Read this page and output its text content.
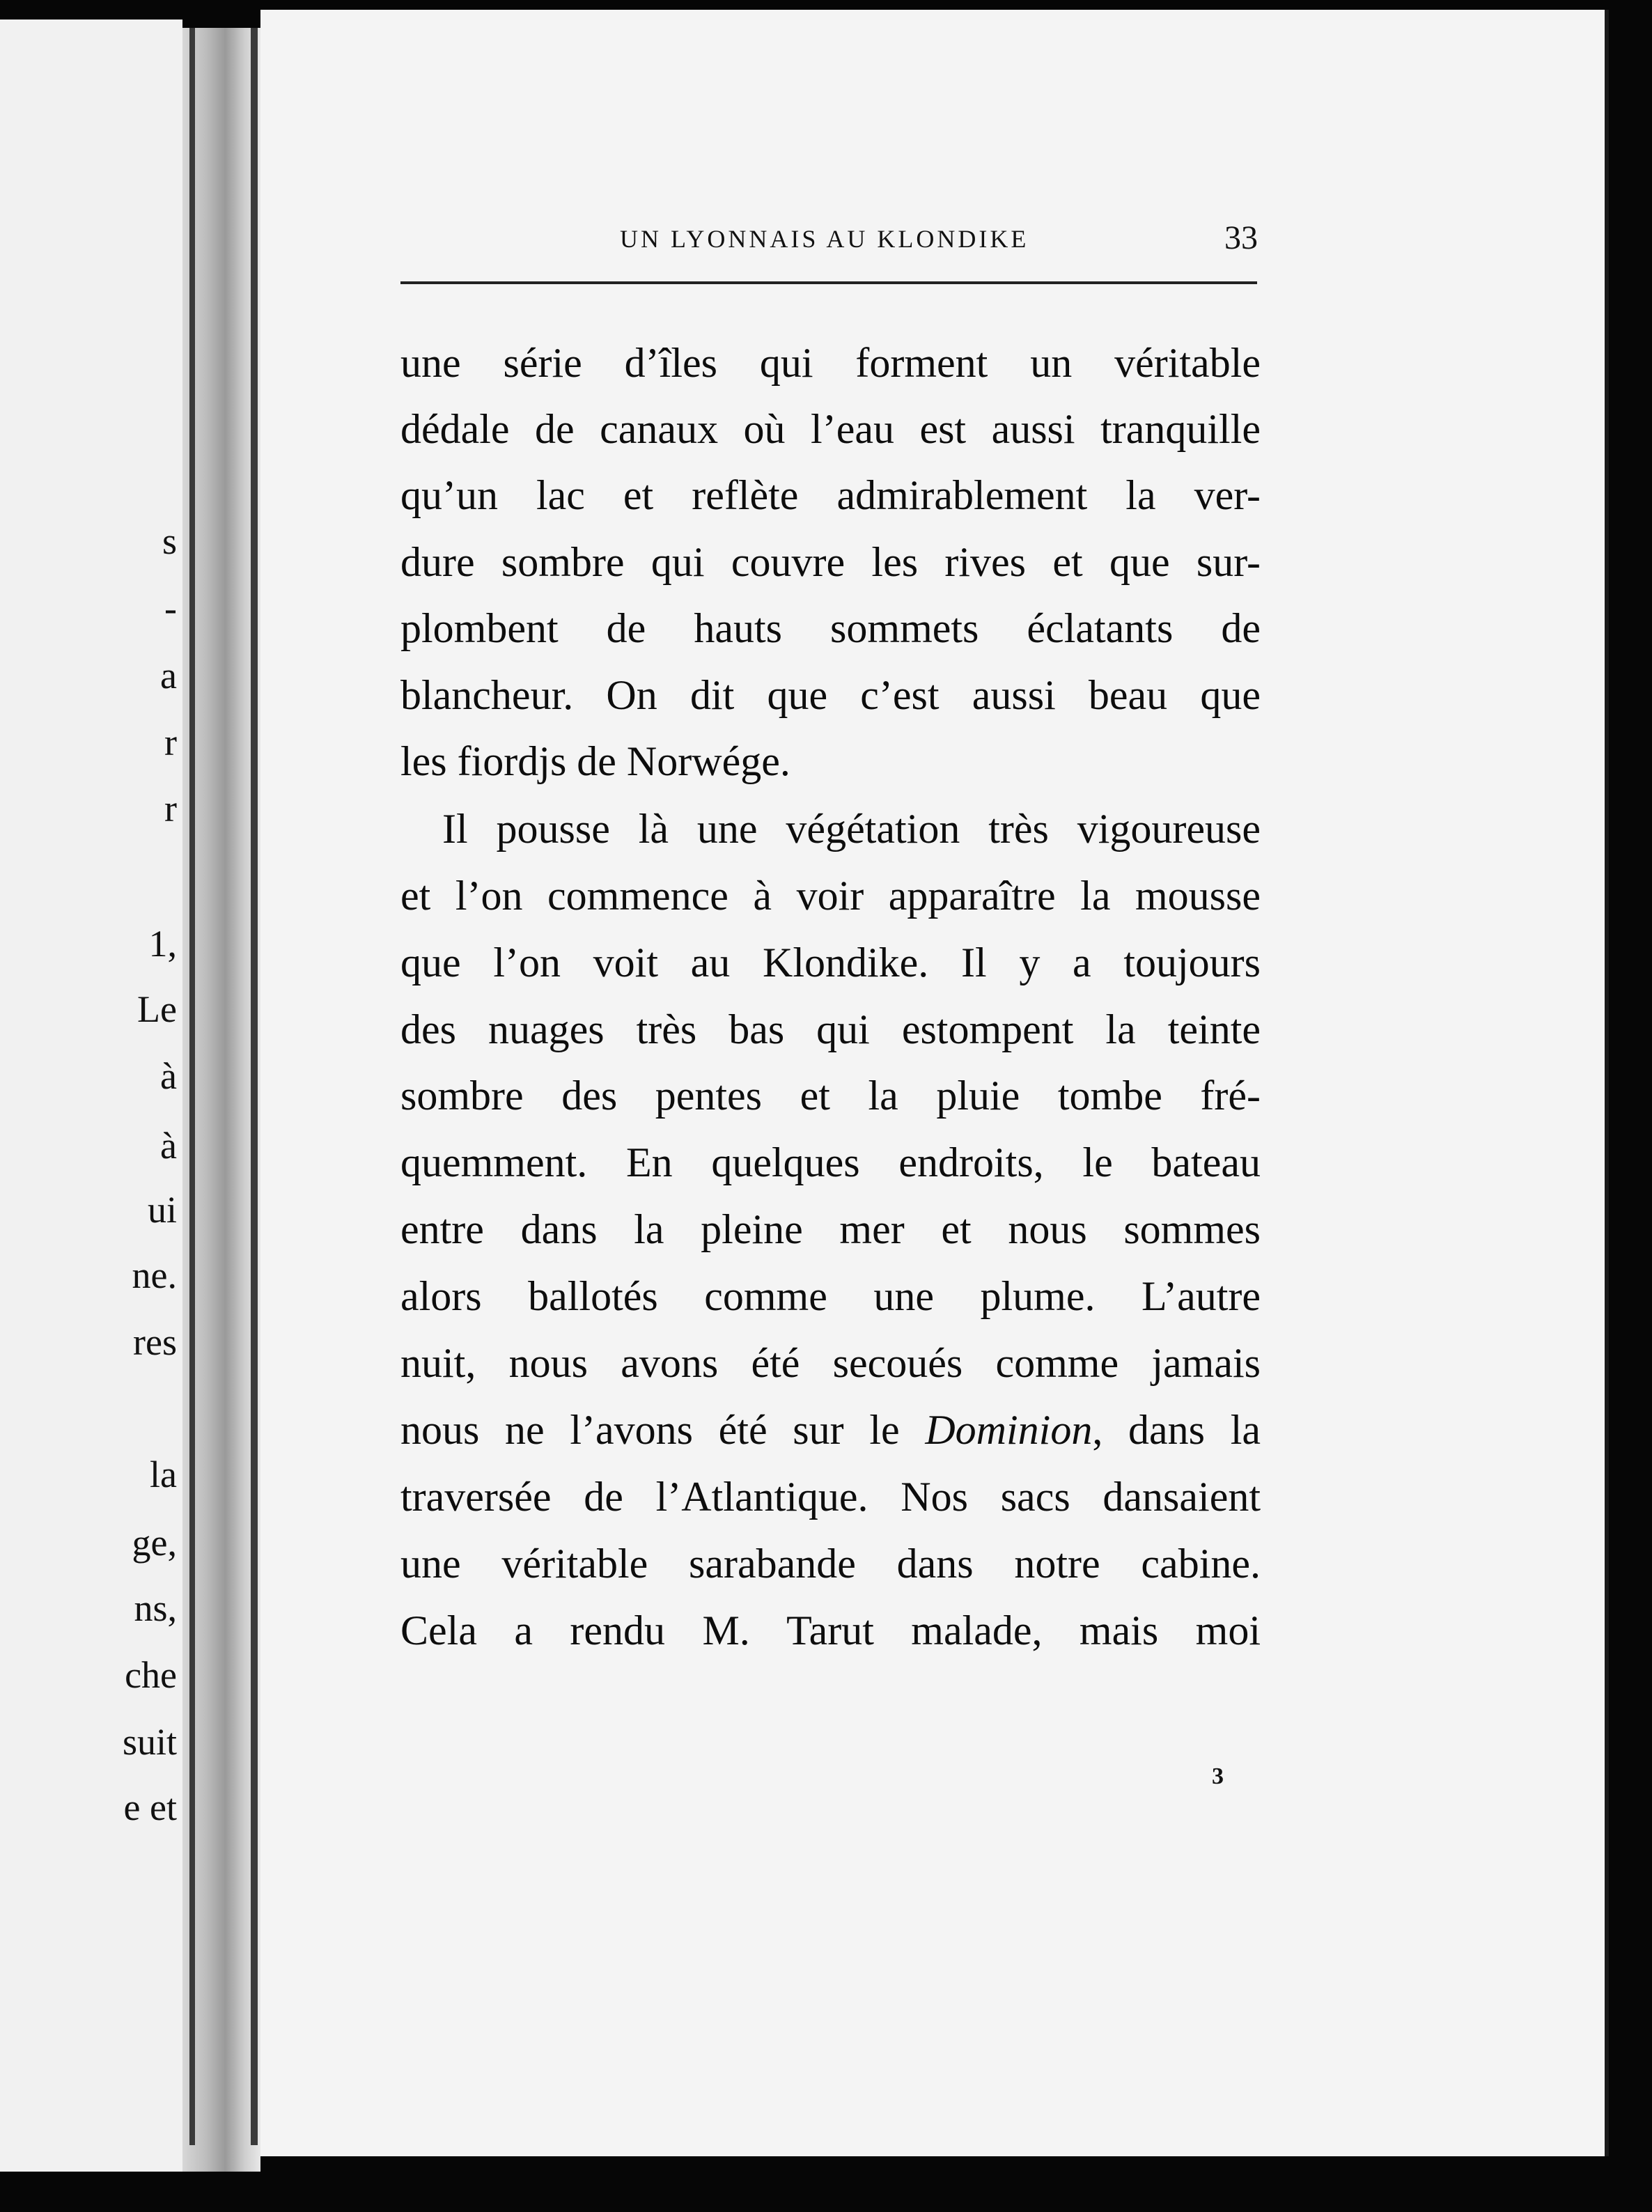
s
-
a
r
r
1,
Le
à
à
ui
ne.
res
la
ge,
ns,
che
suit
e et
UN LYONNAIS AU KLONDIKE	33
une série d’îles qui forment un véritable
dédale de canaux où l’eau est aussi tranquille
qu’un lac et reflète admirablement la ver-
dure sombre qui couvre les rives et que sur-
plombent de hauts sommets éclatants de
blancheur. On dit que c’est aussi beau que
les fiordjs de Norwége.
Il pousse là une végétation très vigoureuse
et l’on commence à voir apparaître la mousse
que l’on voit au Klondike. Il y a toujours
des nuages très bas qui estompent la teinte
sombre des pentes et la pluie tombe fré-
quemment. En quelques endroits, le bateau
entre dans la pleine mer et nous sommes
alors ballotés comme une plume. L’autre
nuit, nous avons été secoués comme jamais
nous ne l’avons été sur le Dominion, dans la
traversée de l’Atlantique. Nos sacs dansaient
une véritable sarabande dans notre cabine.
Cela a rendu M. Tarut malade, mais moi
3
